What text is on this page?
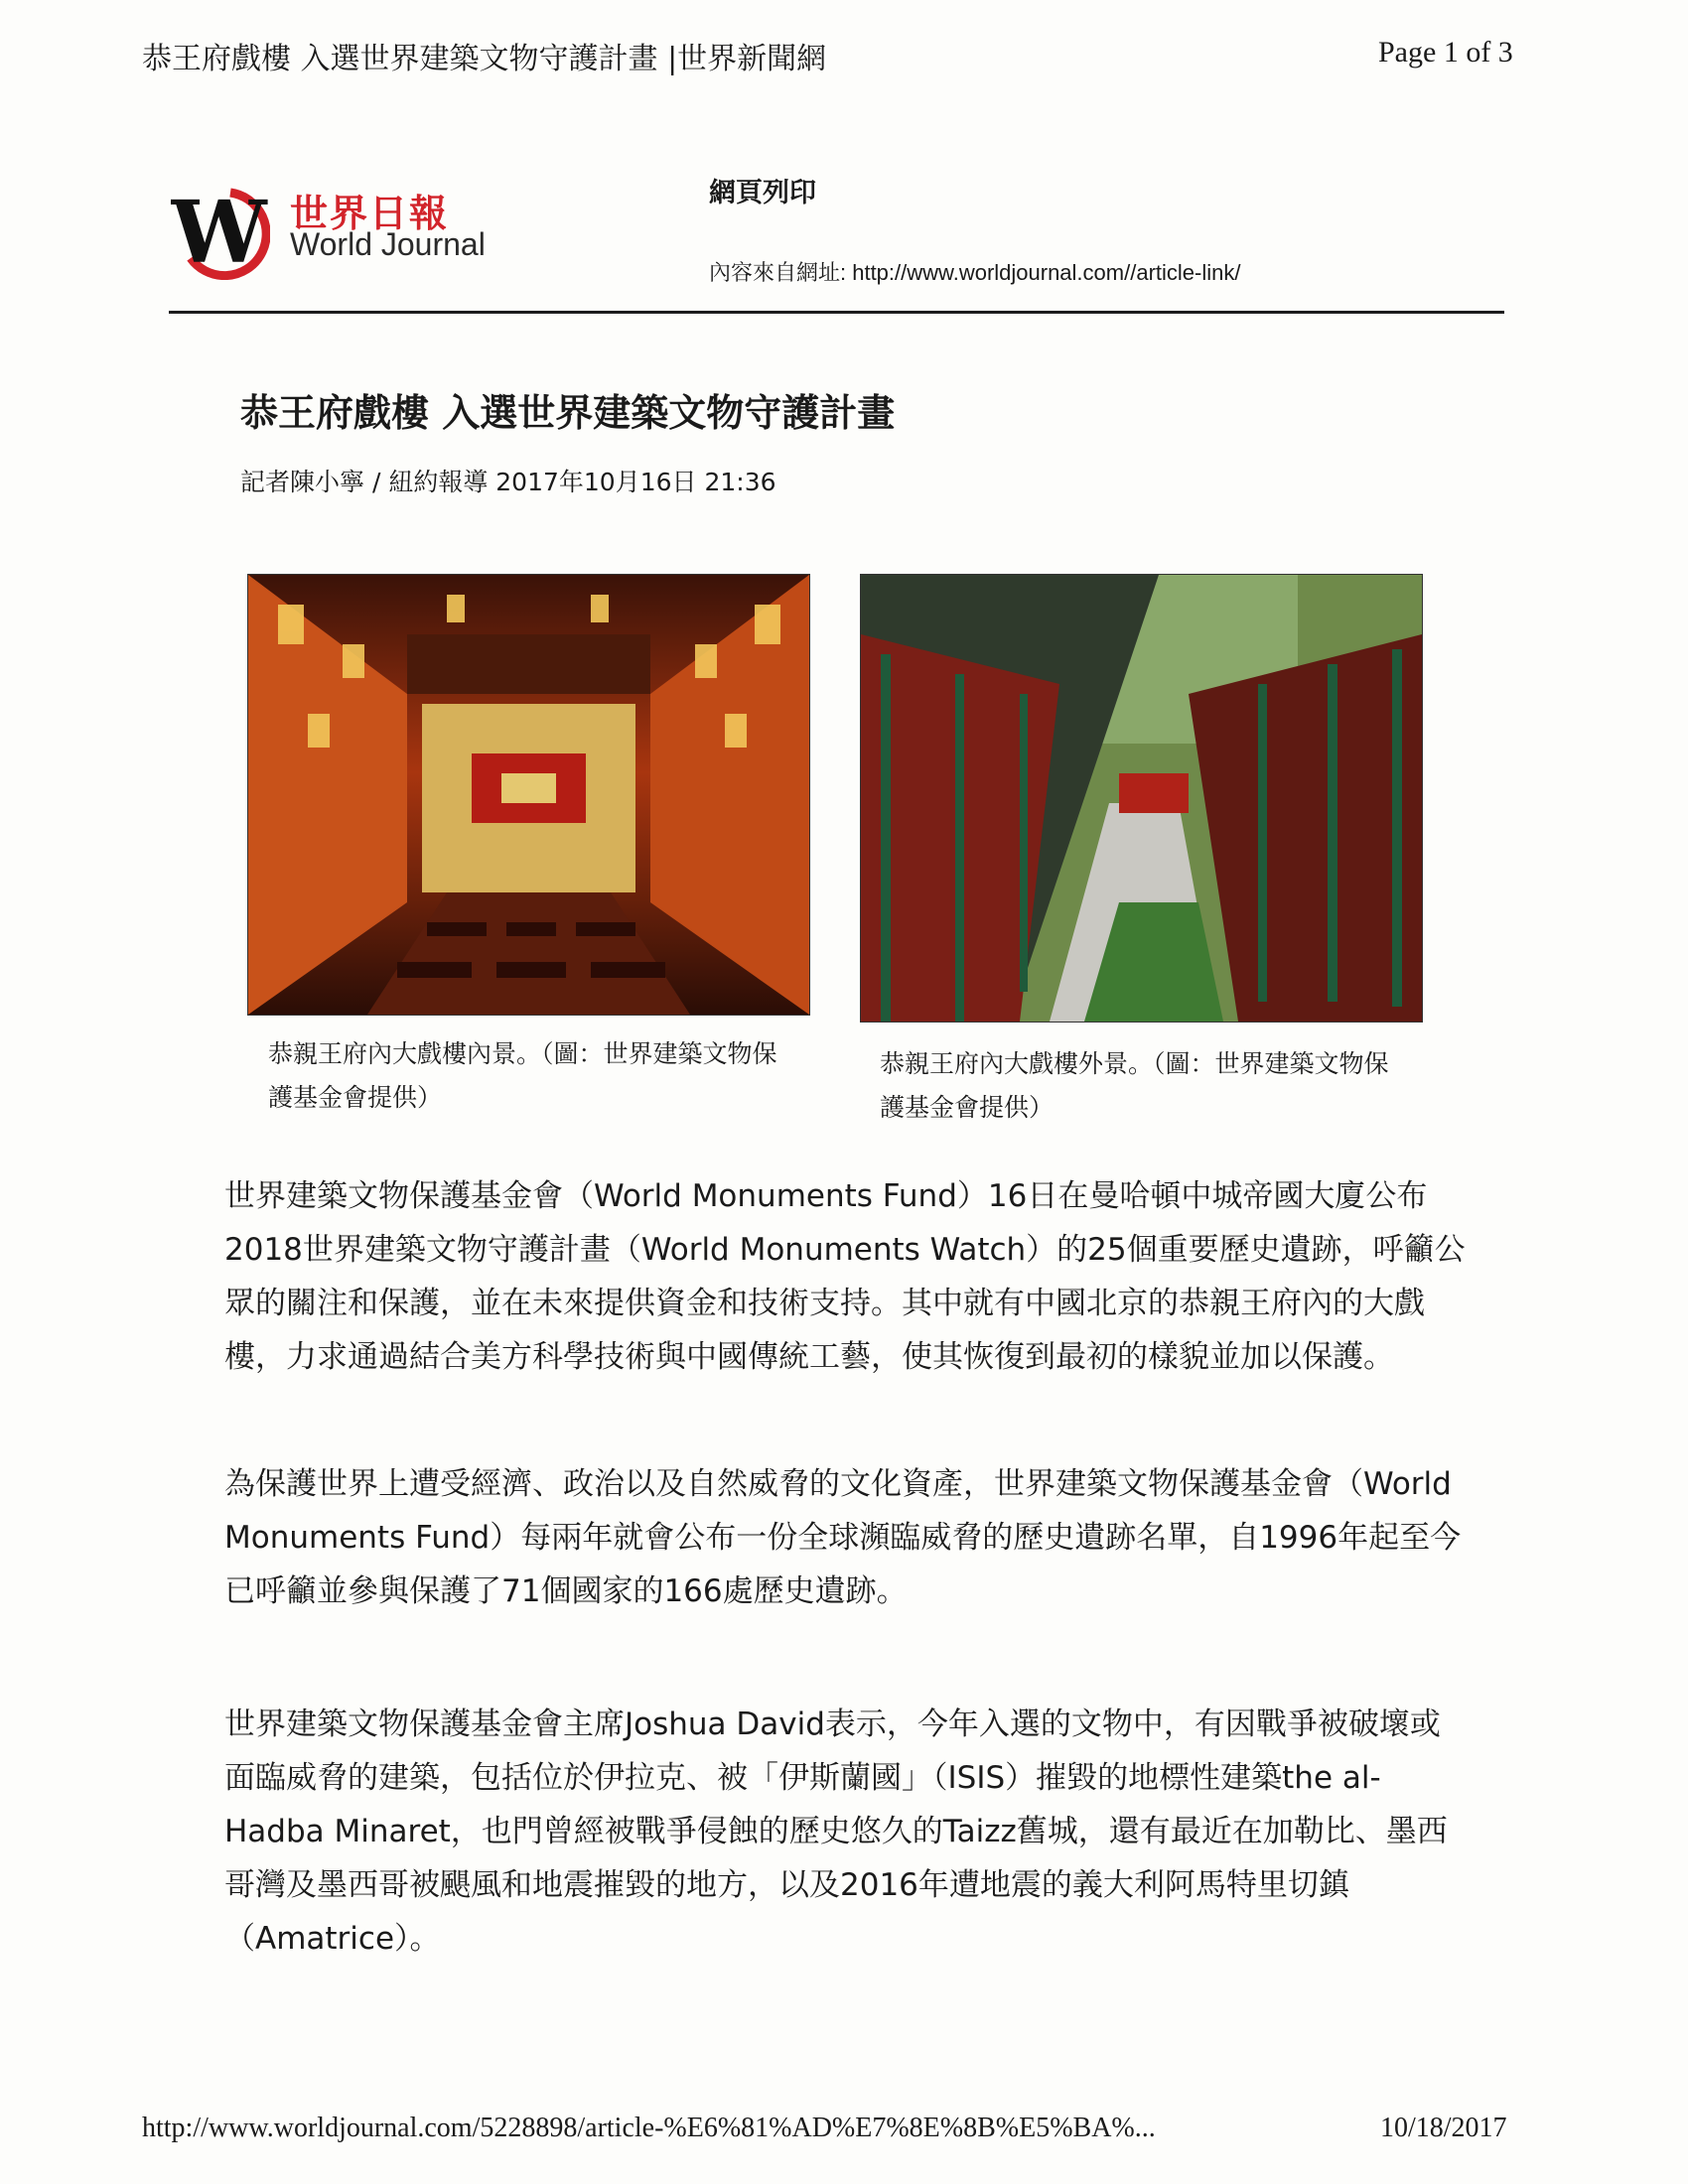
恭王府戲樓 入選世界建築文物守護計畫 |世界新聞網	Page 1 of 3
W 世界日報
World Journal
網頁列印
內容來自網址: http://www.worldjournal.com//article-link/
恭王府戲樓 入選世界建築文物守護計畫
記者陳小寧 / 紐約報導 2017年10月16日 21:36
恭親王府內大戲樓內景。（圖：世界建築文物保護基金會提供）
恭親王府內大戲樓外景。（圖：世界建築文物保護基金會提供）
世界建築文物保護基金會（World Monuments Fund）16日在曼哈頓中城帝國大廈公布2018世界建築文物守護計畫（World Monuments Watch）的25個重要歷史遺跡，呼籲公眾的關注和保護，並在未來提供資金和技術支持。其中就有中國北京的恭親王府內的大戲樓，力求通過結合美方科學技術與中國傳統工藝，使其恢復到最初的樣貌並加以保護。
為保護世界上遭受經濟、政治以及自然威脅的文化資產，世界建築文物保護基金會（World Monuments Fund）每兩年就會公布一份全球瀕臨威脅的歷史遺跡名單，自1996年起至今已呼籲並參與保護了71個國家的166處歷史遺跡。
世界建築文物保護基金會主席Joshua David表示，今年入選的文物中，有因戰爭被破壞或面臨威脅的建築，包括位於伊拉克、被「伊斯蘭國」（ISIS）摧毀的地標性建築the al-Hadba Minaret，也門曾經被戰爭侵蝕的歷史悠久的Taizz舊城，還有最近在加勒比、墨西哥灣及墨西哥被颶風和地震摧毀的地方，以及2016年遭地震的義大利阿馬特里切鎮（Amatrice）。
http://www.worldjournal.com/5228898/article-%E6%81%AD%E7%8E%8B%E5%BA%...	10/18/2017
